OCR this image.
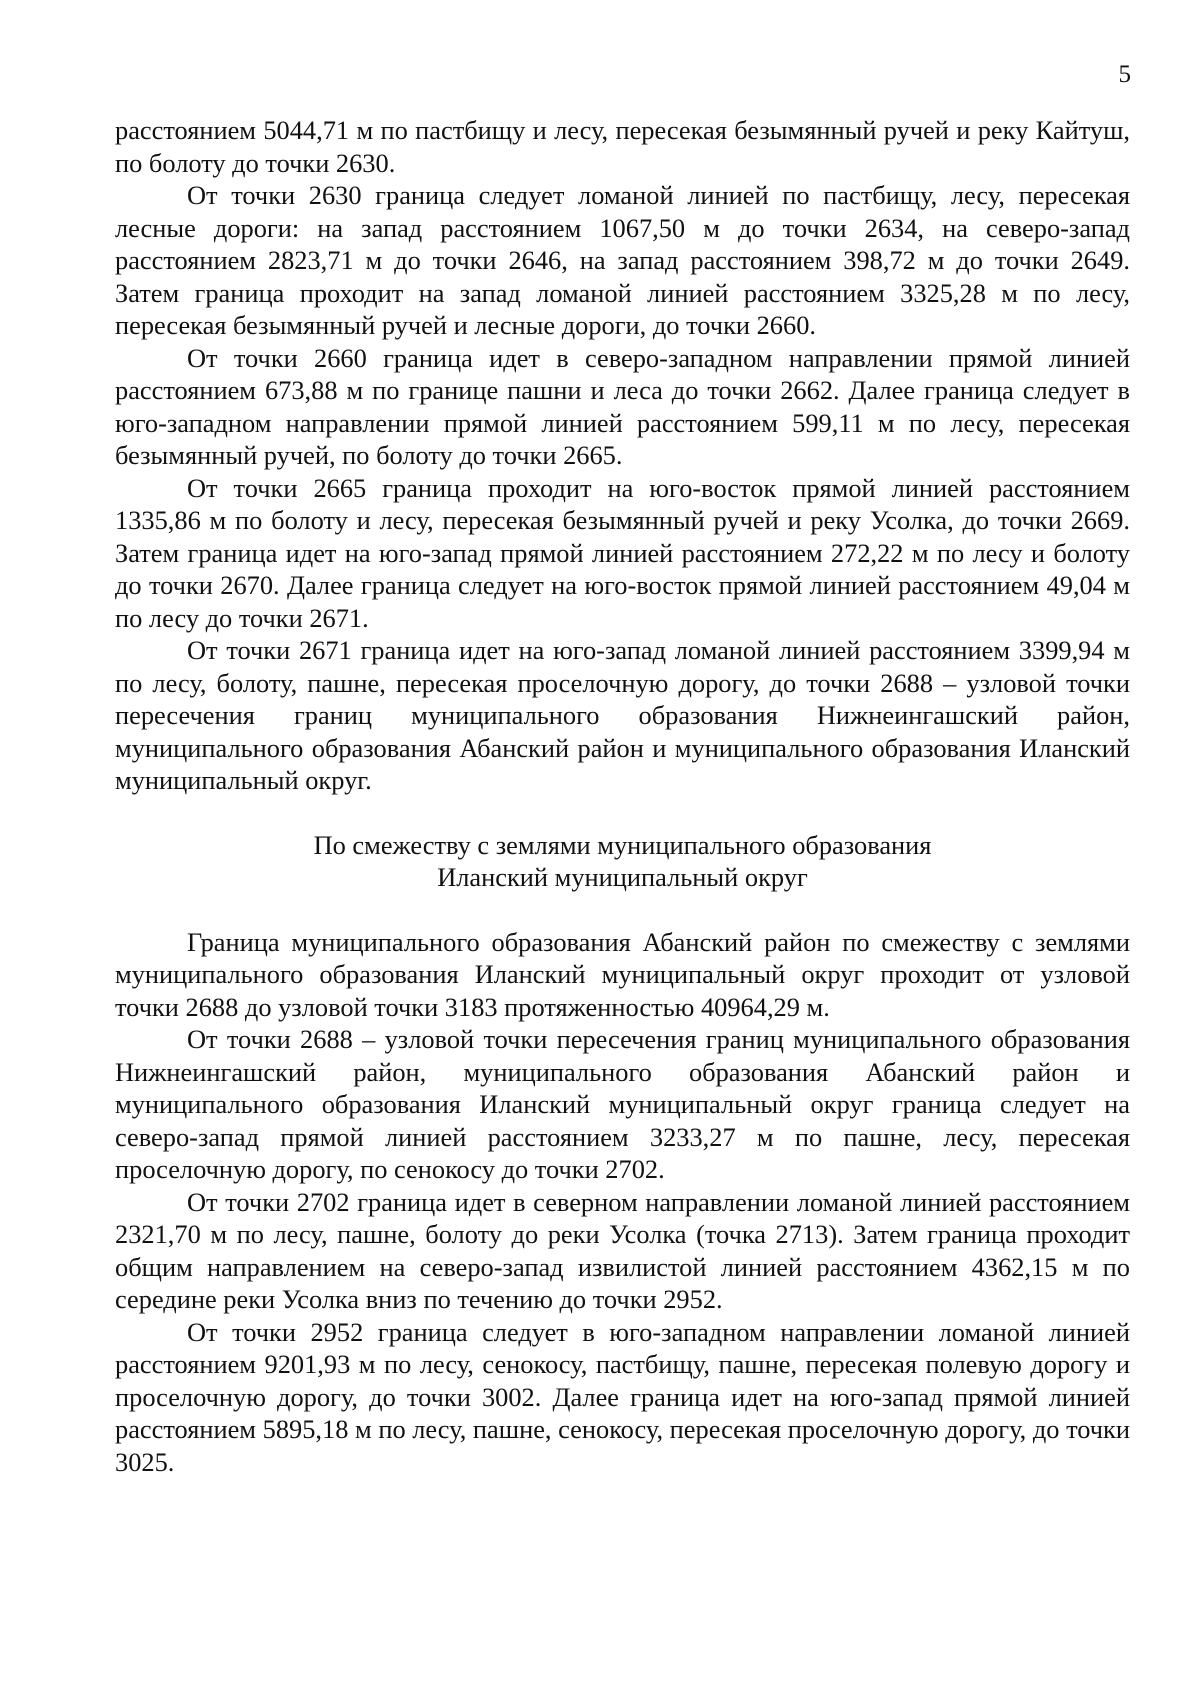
5

расстоянием 5044,71 м по пастбищу и лесу, пересекая безымянный ручей и реку Кайтуш, по болоту до точки 2630.

От точки 2630 граница следует ломаной линией по пастбищу, лесу, пересекая лесные дороги: на запад расстоянием 1067,50 м до точки 2634, на северо-запад расстоянием 2823,71 м до точки 2646, на запад расстоянием 398,72 м до точки 2649. Затем граница проходит на запад ломаной линией расстоянием 3325,28 м по лесу, пересекая безымянный ручей и лесные дороги, до точки 2660.

От точки 2660 граница идет в северо-западном направлении прямой линией расстоянием 673,88 м по границе пашни и леса до точки 2662. Далее граница следует в юго-западном направлении прямой линией расстоянием 599,11 м по лесу, пересекая безымянный ручей, по болоту до точки 2665.

От точки 2665 граница проходит на юго-восток прямой линией расстоянием 1335,86 м по болоту и лесу, пересекая безымянный ручей и реку Усолка, до точки 2669. Затем граница идет на юго-запад прямой линией расстоянием 272,22 м по лесу и болоту до точки 2670. Далее граница следует на юго-восток прямой линией расстоянием 49,04 м по лесу до точки 2671.

От точки 2671 граница идет на юго-запад ломаной линией расстоянием 3399,94 м по лесу, болоту, пашне, пересекая проселочную дорогу, до точки 2688 – узловой точки пересечения границ муниципального образования Нижнеингашский район, муниципального образования Абанский район и муниципального образования Иланский муниципальный округ.

По смежеству с землями муниципального образования
Иланский муниципальный округ

Граница муниципального образования Абанский район по смежеству с землями муниципального образования Иланский муниципальный округ проходит от узловой точки 2688 до узловой точки 3183 протяженностью 40964,29 м.

От точки 2688 – узловой точки пересечения границ муниципального образования Нижнеингашский район, муниципального образования Абанский район и муниципального образования Иланский муниципальный округ граница следует на северо-запад прямой линией расстоянием 3233,27 м по пашне, лесу, пересекая проселочную дорогу, по сенокосу до точки 2702.

От точки 2702 граница идет в северном направлении ломаной линией расстоянием 2321,70 м по лесу, пашне, болоту до реки Усолка (точка 2713). Затем граница проходит общим направлением на северо-запад извилистой линией расстоянием 4362,15 м по середине реки Усолка вниз по течению до точки 2952.

От точки 2952 граница следует в юго-западном направлении ломаной линией расстоянием 9201,93 м по лесу, сенокосу, пастбищу, пашне, пересекая полевую дорогу и проселочную дорогу, до точки 3002. Далее граница идет на юго-запад прямой линией расстоянием 5895,18 м по лесу, пашне, сенокосу, пересекая проселочную дорогу, до точки 3025.
